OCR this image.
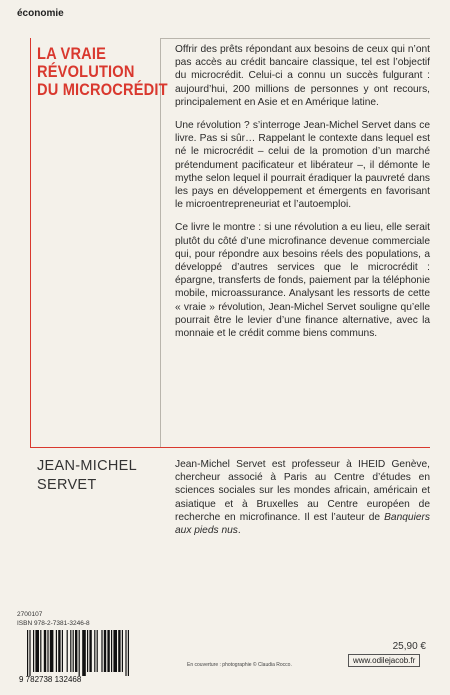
économie
LA VRAIE
RÉVOLUTION
DU MICROCRÉDIT

Offrir des prêts répondant aux besoins de ceux qui n’ont pas accès au crédit bancaire classique, tel est l’objectif du microcrédit. Celui-ci a connu un succès fulgurant : aujourd’hui, 200 millions de personnes y ont recours, principalement en Asie et en Amérique latine.

Une révolution ? s’interroge Jean-Michel Servet dans ce livre. Pas si sûr… Rappelant le contexte dans lequel est né le microcrédit – celui de la promotion d’un marché prétendument pacificateur et libérateur –, il démonte le mythe selon lequel il pourrait éradiquer la pauvreté dans les pays en développement et émergents en favorisant le microentrepreneuriat et l’autoemploi.

Ce livre le montre : si une révolution a eu lieu, elle serait plutôt du côté d’une microfinance devenue commerciale qui, pour répondre aux besoins réels des populations, a développé d’autres services que le microcrédit : épargne, transferts de fonds, paiement par la téléphonie mobile, microassurance. Analysant les ressorts de cette « vraie » révolution, Jean-Michel Servet souligne qu’elle pourrait être le levier d’une finance alternative, avec la monnaie et le crédit comme biens communs.

JEAN-MICHEL
SERVET
Jean-Michel Servet est professeur à IHEID Genève, chercheur associé à Paris au Centre d’études en sciences sociales sur les mondes africain, américain et asiatique et à Bruxelles au Centre européen de recherche en microfinance. Il est l’auteur de Banquiers aux pieds nus.
2700107
ISBN 978-2-7381-3246-8
9 782738 132468
En couverture : photographie © Claudia Rocco.
25,90 €
www.odilejacob.fr
